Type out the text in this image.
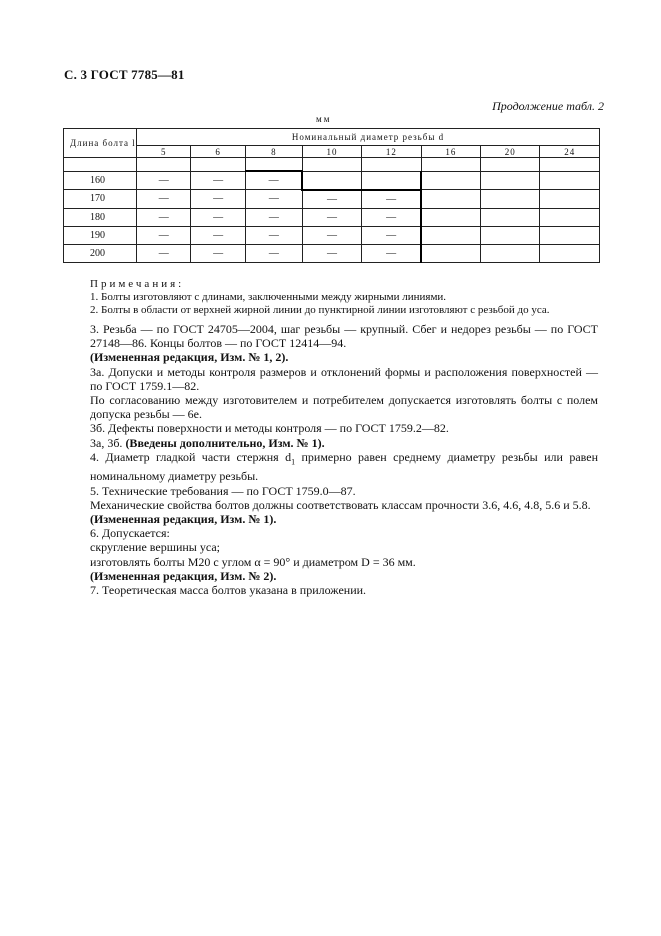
С. 3 ГОСТ 7785—81
Продолжение табл. 2
мм
Длина болта l	Номинальный диаметр резьбы d							
	5	6	8	10	12	16	20	24

160	—	—	—					
170	—	—	—	—	—			
180	—	—	—	—	—			
190	—	—	—	—	—			
200	—	—	—	—	—			
Примечания:
1. Болты изготовляют с длинами, заключенными между жирными линиями.
2. Болты в области от верхней жирной линии до пунктирной линии изготовляют с резьбой до уса.

3. Резьба — по ГОСТ 24705—2004, шаг резьбы — крупный. Сбег и недорез резьбы — по ГОСТ 27148—86. Концы болтов — по ГОСТ 12414—94.

(Измененная редакция, Изм. № 1, 2).

3а. Допуски и методы контроля размеров и отклонений формы и расположения поверхностей — по ГОСТ 1759.1—82.

По согласованию между изготовителем и потребителем допускается изготовлять болты с полем допуска резьбы — 6е.

3б. Дефекты поверхности и методы контроля — по ГОСТ 1759.2—82.

3а, 3б. (Введены дополнительно, Изм. № 1).

4. Диаметр гладкой части стержня $d_1$ примерно равен среднему диаметру резьбы или равен номинальному диаметру резьбы.

5. Технические требования — по ГОСТ 1759.0—87.

Механические свойства болтов должны соответствовать классам прочности 3.6, 4.6, 4.8, 5.6 и 5.8.

(Измененная редакция, Изм. № 1).

6. Допускается:

скругление вершины уса;

изготовлять болты М20 с углом α = 90° и диаметром D = 36 мм.

(Измененная редакция, Изм. № 2).

7. Теоретическая масса болтов указана в приложении.
